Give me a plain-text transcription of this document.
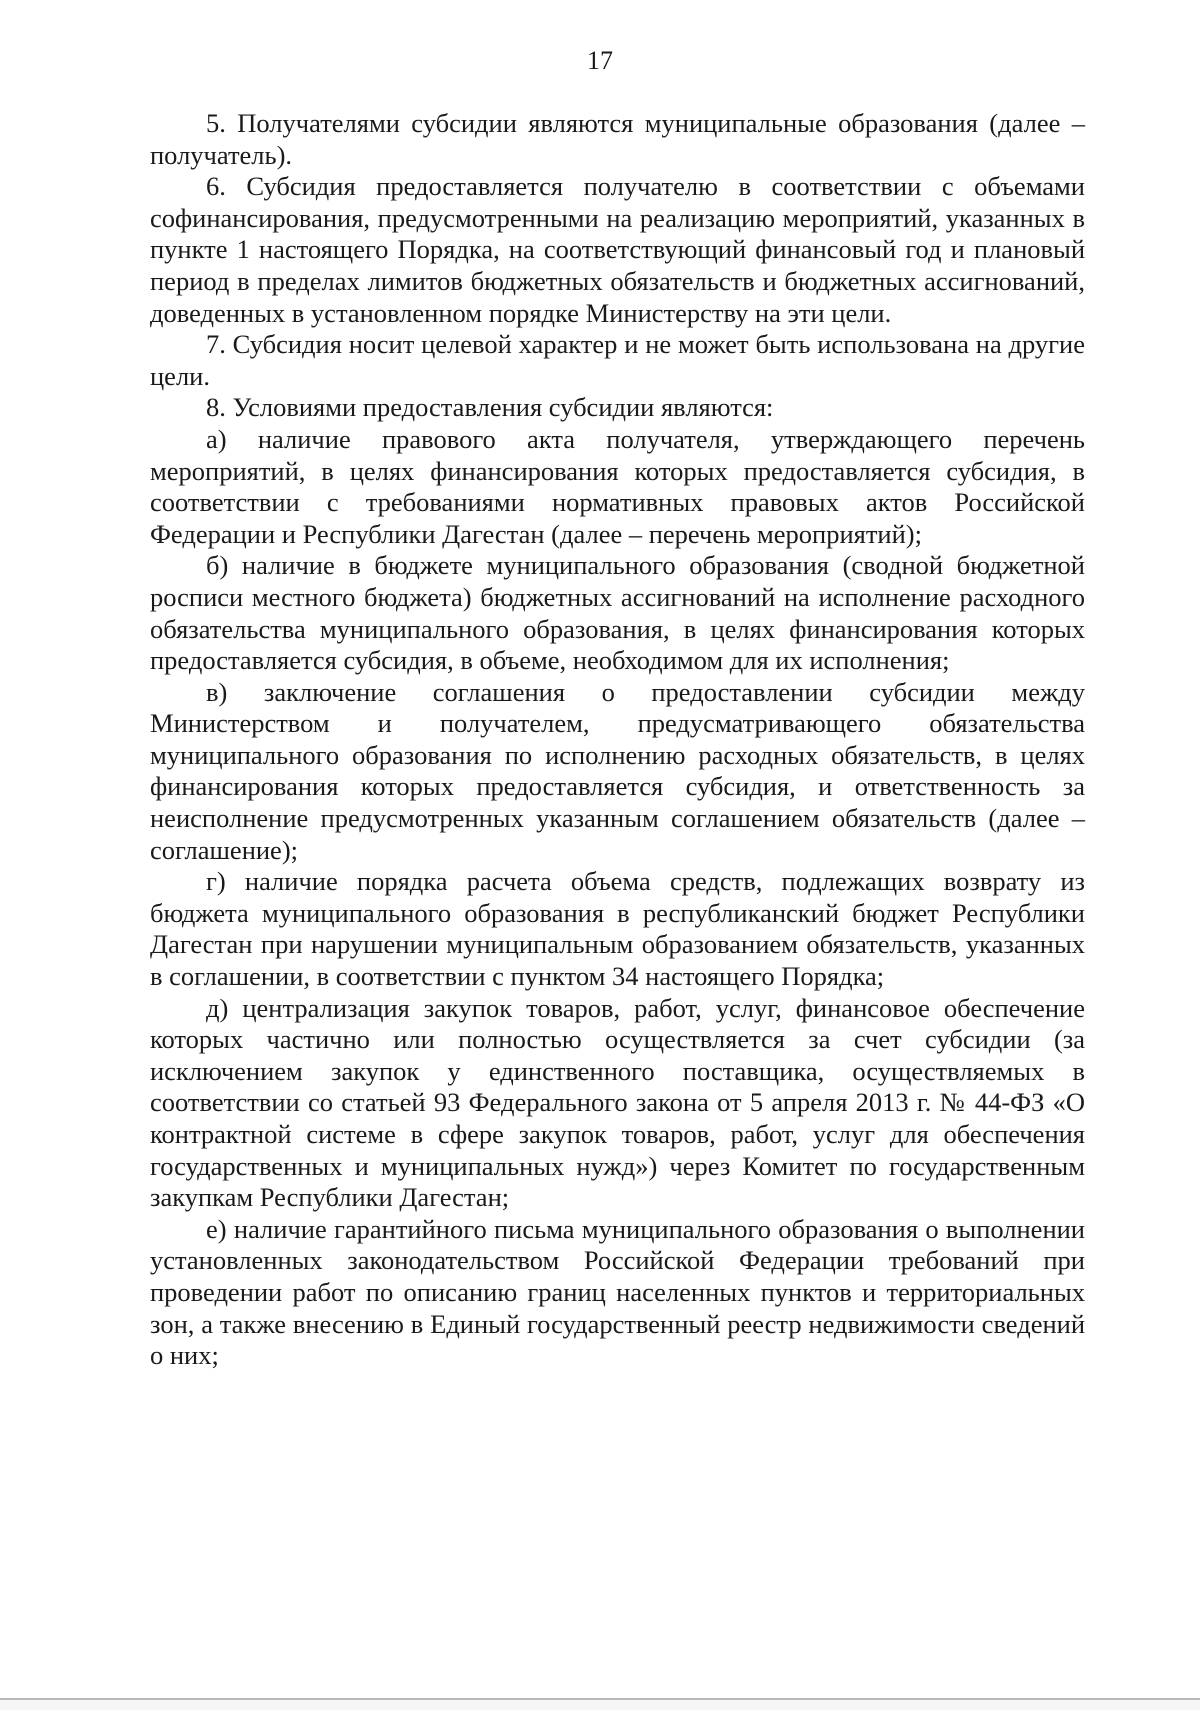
17

5. Получателями субсидии являются муниципальные образования (далее – получатель).

6. Субсидия предоставляется получателю в соответствии с объемами софинансирования, предусмотренными на реализацию мероприятий, указанных в пункте 1 настоящего Порядка, на соответствующий финансовый год и плановый период в пределах лимитов бюджетных обязательств и бюджетных ассигнований, доведенных в установленном порядке Министерству на эти цели.

7. Субсидия носит целевой характер и не может быть использована на другие цели.

8. Условиями предоставления субсидии являются:

а) наличие правового акта получателя, утверждающего перечень мероприятий, в целях финансирования которых предоставляется субсидия, в соответствии с требованиями нормативных правовых актов Российской Федерации и Республики Дагестан (далее – перечень мероприятий);

б) наличие в бюджете муниципального образования (сводной бюджетной росписи местного бюджета) бюджетных ассигнований на исполнение расходного обязательства муниципального образования, в целях финансирования которых предоставляется субсидия, в объеме, необходимом для их исполнения;

в) заключение соглашения о предоставлении субсидии между Министерством и получателем, предусматривающего обязательства муниципального образования по исполнению расходных обязательств, в целях финансирования которых предоставляется субсидия, и ответственность за неисполнение предусмотренных указанным соглашением обязательств (далее – соглашение);

г) наличие порядка расчета объема средств, подлежащих возврату из бюджета муниципального образования в республиканский бюджет Республики Дагестан при нарушении муниципальным образованием обязательств, указанных в соглашении, в соответствии с пунктом 34 настоящего Порядка;

д) централизация закупок товаров, работ, услуг, финансовое обеспечение которых частично или полностью осуществляется за счет субсидии (за исключением закупок у единственного поставщика, осуществляемых в соответствии со статьей 93 Федерального закона от 5 апреля 2013 г. № 44-ФЗ «О контрактной системе в сфере закупок товаров, работ, услуг для обеспечения государственных и муниципальных нужд») через Комитет по государственным закупкам Республики Дагестан;

е) наличие гарантийного письма муниципального образования о выполнении установленных законодательством Российской Федерации требований при проведении работ по описанию границ населенных пунктов и территориальных зон, а также внесению в Единый государственный реестр недвижимости сведений о них;
